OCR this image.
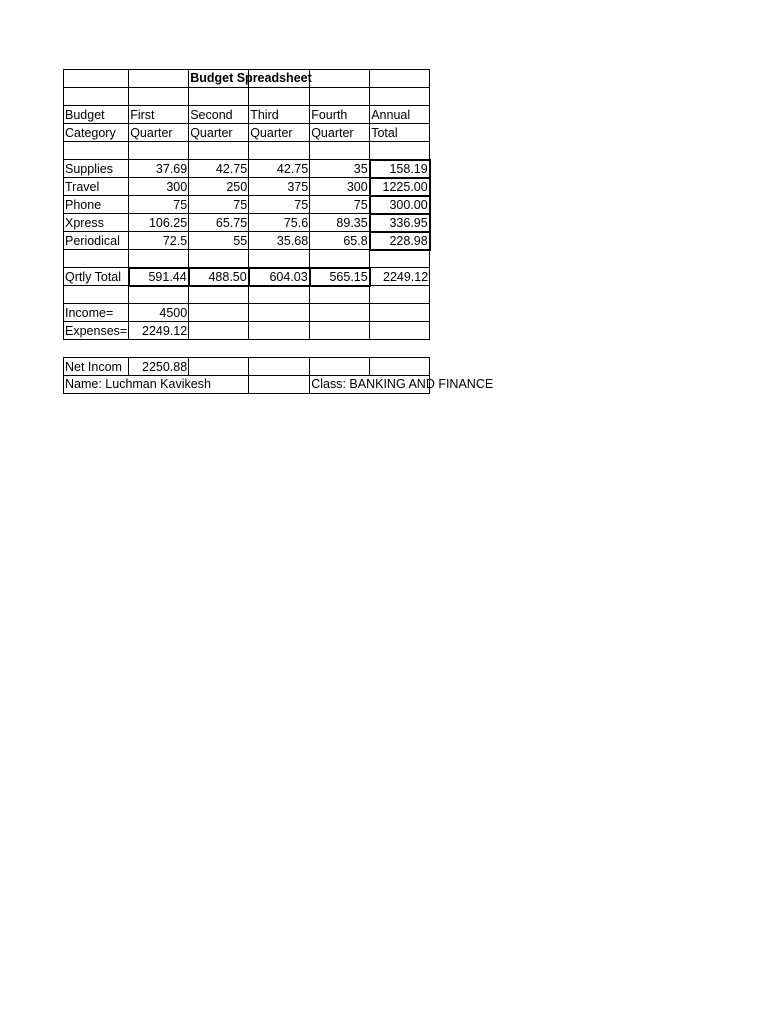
		Budget Spreadsheet			

Budget	First	Second	Third	Fourth	Annual
Category	Quarter	Quarter	Quarter	Quarter	Total

Supplies	37.69	42.75	42.75	35	158.19
Travel	300	250	375	300	1225.00
Phone	75	75	75	75	300.00
Xpress	106.25	65.75	75.6	89.35	336.95
Periodical	72.5	55	35.68	65.8	228.98

Qrtly Total	591.44	488.50	604.03	565.15	2249.12

Income=	4500				
Expenses=	2249.12				

Net Incom	2250.88				

Name: Luchman Kavikesh				Class: BANKING AND FINANCE	
